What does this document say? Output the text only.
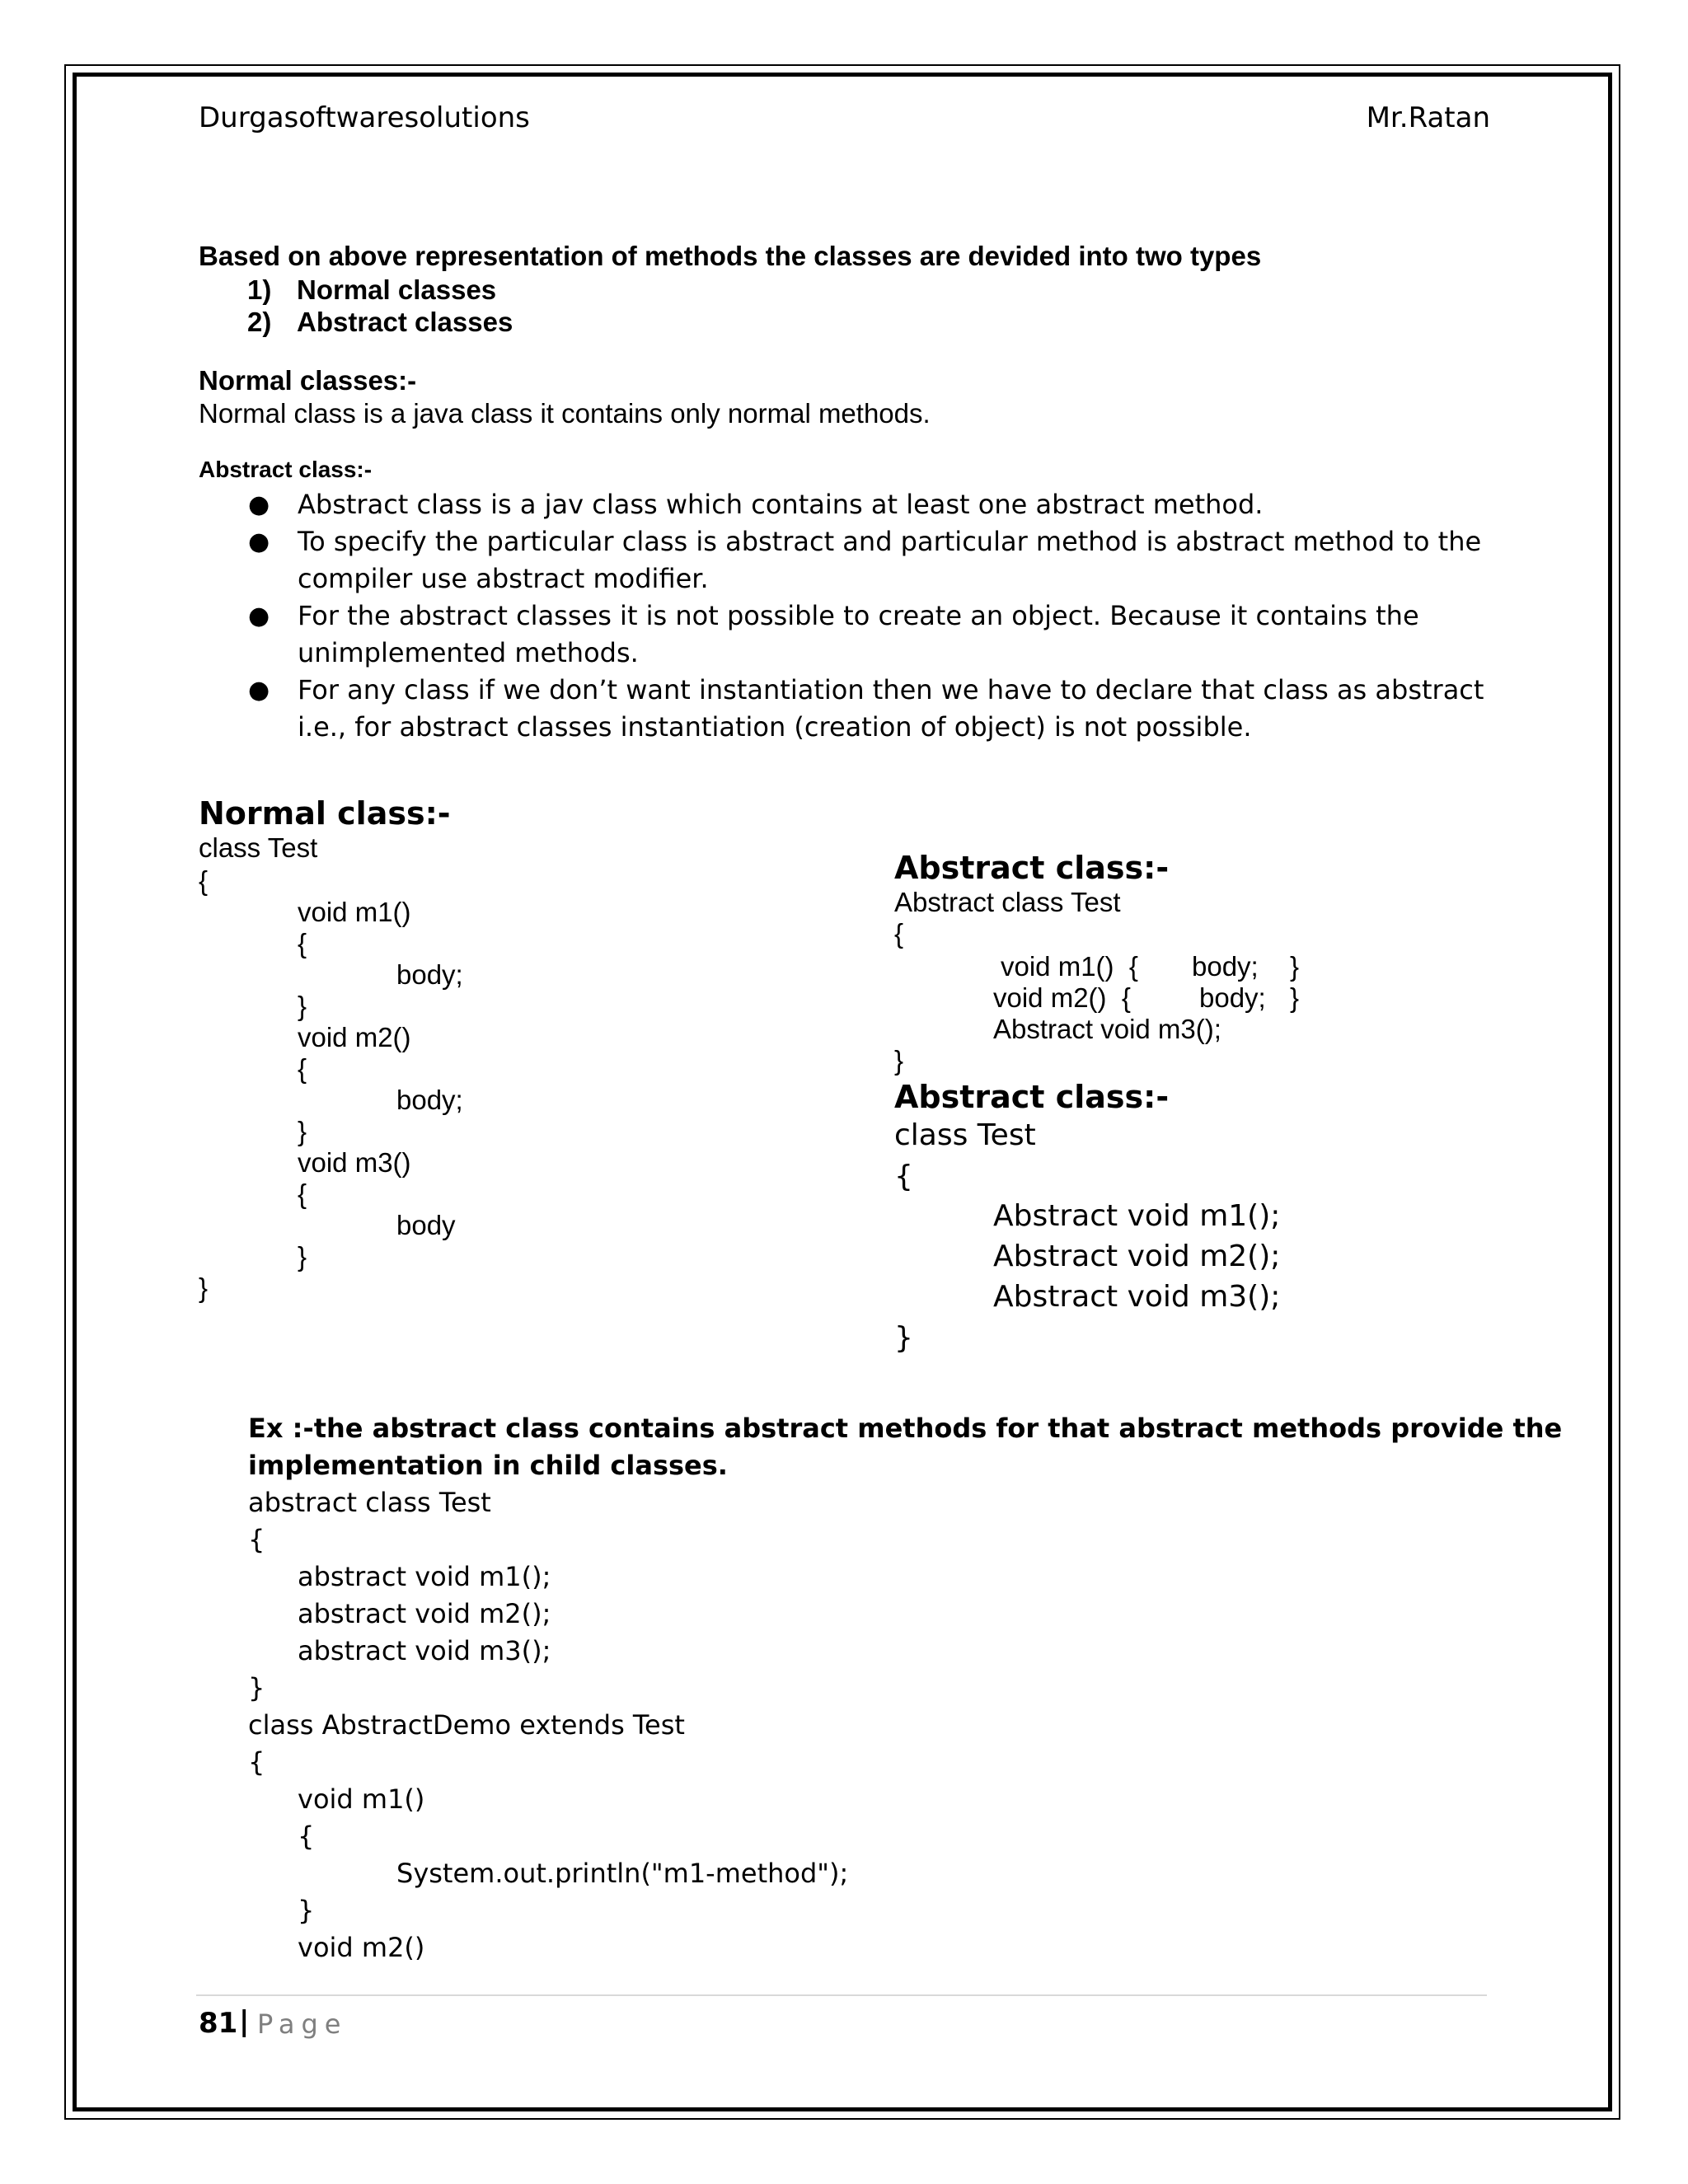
Durgasoftwaresolutions	Mr.Ratan
Based on above representation of methods the classes are devided into two types
1) Normal classes
2) Abstract classes
Normal classes:-
Normal class is a java class it contains only normal methods.
Abstract class:-
● Abstract class is a jav class which contains at least one abstract method.
● To specify the particular class is abstract and particular method is abstract method to the compiler use abstract modifier.
● For the abstract classes it is not possible to create an object. Because it contains the unimplemented methods.
● For any class if we don’t want instantiation then we have to declare that class as abstract i.e., for abstract classes instantiation (creation of object) is not possible.
Normal class:-
class Test
{
void m1()
{
body;
}
void m2()
{
body;
}
void m3()
{
body
}
}
Abstract class:-
Abstract class Test
{
void m1()  { body; }
void m2()  {	body; }
Abstract void m3();
}
Abstract class:-
class Test
{
Abstract void m1();
Abstract void m2();
Abstract void m3();
}
Ex :-the abstract class contains abstract methods for that abstract methods provide the
implementation in child classes.
abstract class Test
{
abstract void m1();
abstract void m2();
abstract void m3();
}
class AbstractDemo extends Test
{
void m1()
{
System.out.println("m1-method");
}
void m2()
81 | Page
